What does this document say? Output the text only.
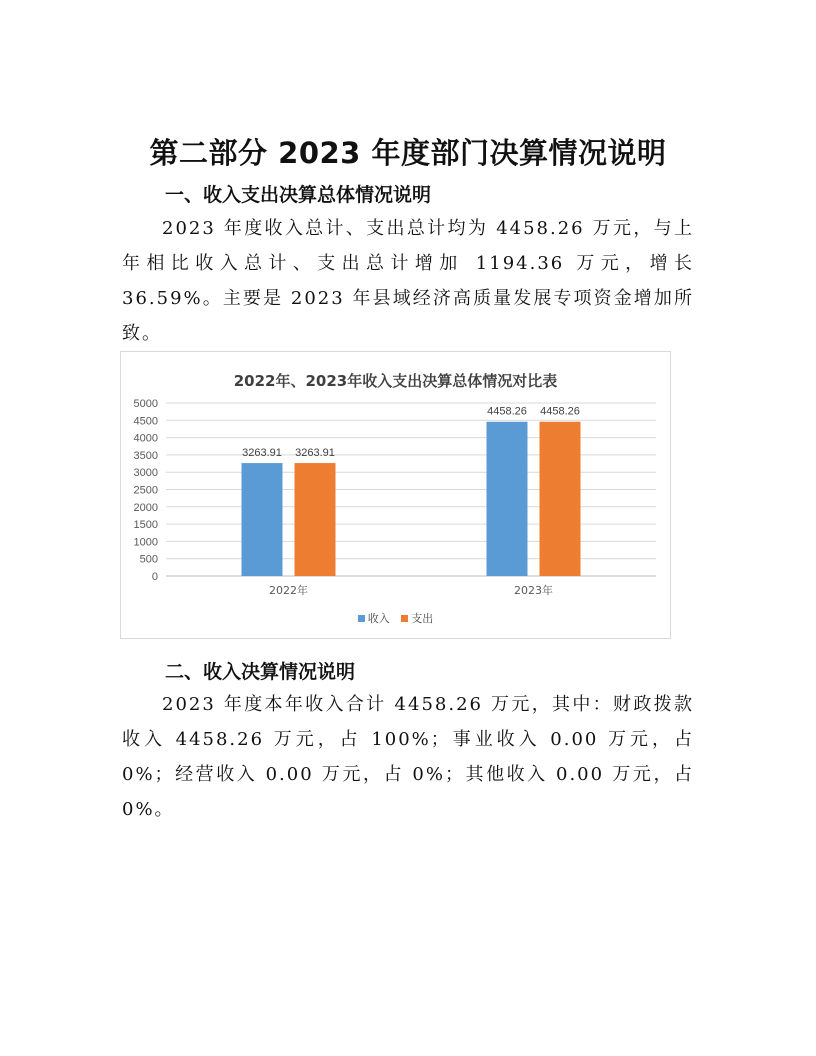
第二部分 2023 年度部门决算情况说明
一、收入支出决算总体情况说明
2023 年度收入总计、支出总计均为 4458.26 万元，与上年相比收入总计、支出总计增加 1194.36 万元，增长 36.59%。主要是 2023 年县域经济高质量发展专项资金增加所致。
2022年、2023年收入支出决算总体情况对比表
0
500
1000
1500
2000
2500
3000
3500
4000
4500
5000
3263.91 3263.91
2022年
4458.26 4458.26
2023年
收入 支出
二、收入决算情况说明
2023 年度本年收入合计 4458.26 万元，其中：财政拨款收入 4458.26 万元，占 100%；事业收入 0.00 万元，占 0%；经营收入 0.00 万元，占 0%；其他收入 0.00 万元，占 0%。
